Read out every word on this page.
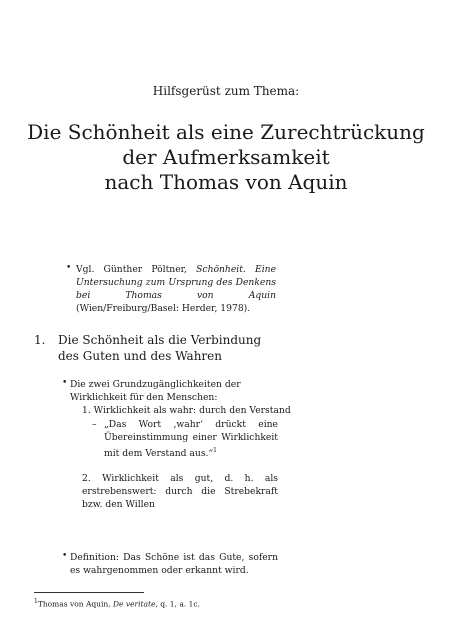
Hilfsgerüst zum Thema:
Die Schönheit als eine Zurechtrückung
der Aufmerksamkeit
nach Thomas von Aquin
• Vgl. Günther Pöltner, Schönheit. Eine Untersuchung zum Ursprung des Denkens bei Thomas von Aquin (Wien/Freiburg/Basel: Herder, 1978).
1. Die Schönheit als die Verbindung des Guten und des Wahren
• Die zwei Grundzugänglichkeiten der Wirklichkeit für den Menschen:
1. Wirklichkeit als wahr: durch den Verstand
– „Das Wort ‚wahr‘ drückt eine Übereinstimmung einer Wirklichkeit mit dem Verstand aus.“$^1$
2. Wirklichkeit als gut, d. h. als erstrebenswert: durch die Strebekraft bzw. den Willen
• Definition: Das Schöne ist das Gute, sofern es wahrgenommen oder erkannt wird.
$^1$Thomas von Aquin, De veritate, q. 1, a. 1c.
